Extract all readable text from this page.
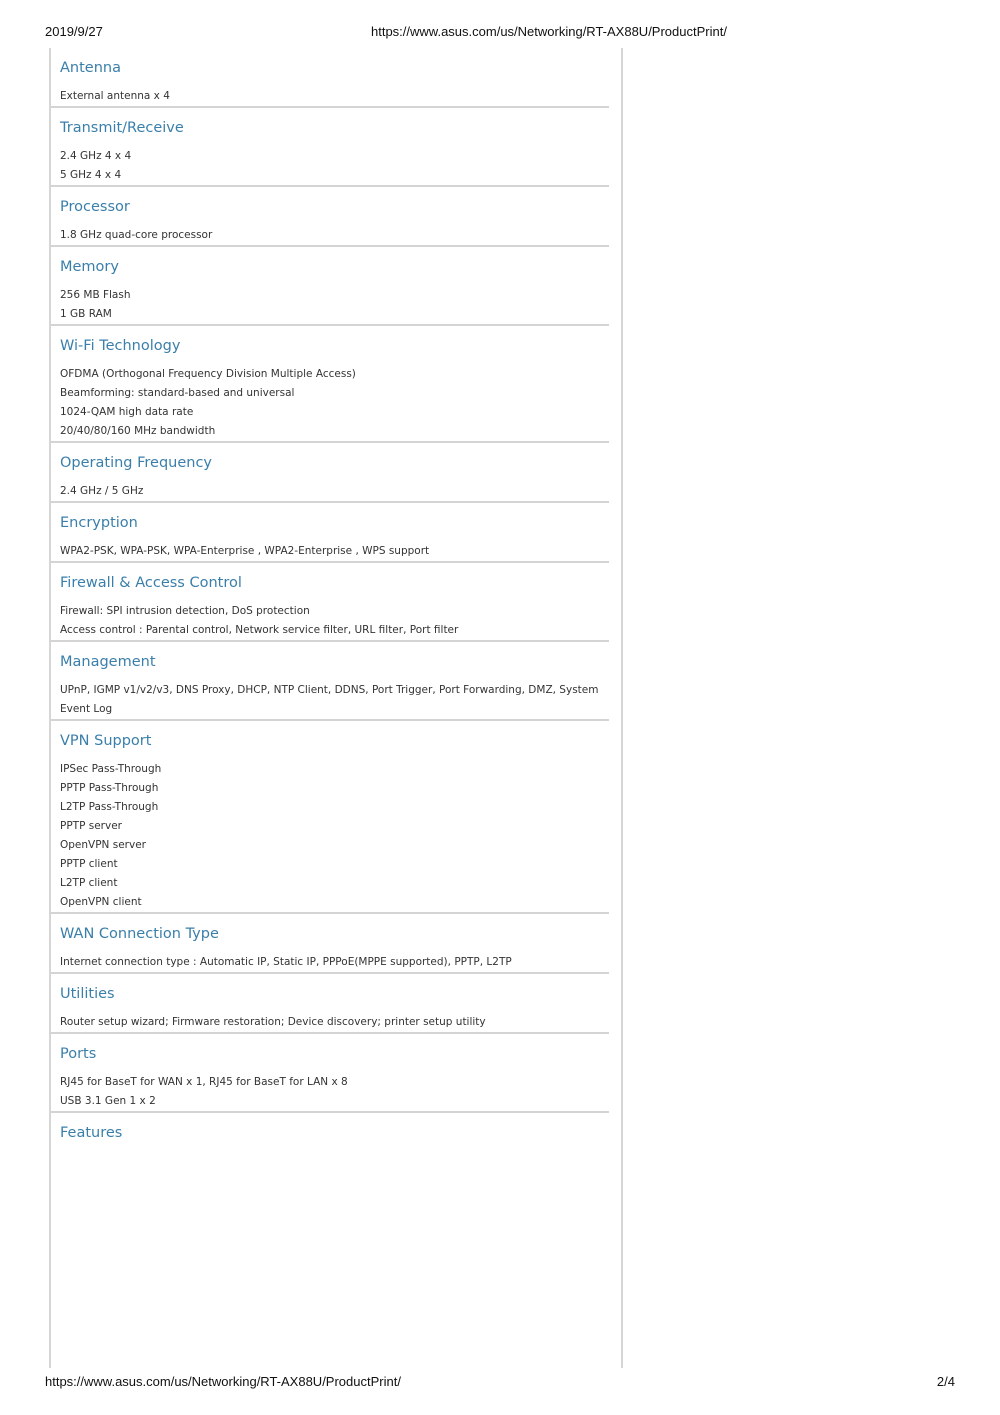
2019/9/27	https://www.asus.com/us/Networking/RT-AX88U/ProductPrint/
Antenna
External antenna x 4
Transmit/Receive
2.4 GHz 4 x 4
5 GHz 4 x 4
Processor
1.8 GHz quad-core processor
Memory
256 MB Flash
1 GB RAM
Wi-Fi Technology
OFDMA (Orthogonal Frequency Division Multiple Access)
Beamforming: standard-based and universal
1024-QAM high data rate
20/40/80/160 MHz bandwidth
Operating Frequency
2.4 GHz / 5 GHz
Encryption
WPA2-PSK, WPA-PSK, WPA-Enterprise , WPA2-Enterprise , WPS support
Firewall & Access Control
Firewall: SPI intrusion detection, DoS protection
Access control : Parental control, Network service filter, URL filter, Port filter
Management
UPnP, IGMP v1/v2/v3, DNS Proxy, DHCP, NTP Client, DDNS, Port Trigger, Port Forwarding, DMZ, System
Event Log
VPN Support
IPSec Pass-Through
PPTP Pass-Through
L2TP Pass-Through
PPTP server
OpenVPN server
PPTP client
L2TP client
OpenVPN client
WAN Connection Type
Internet connection type : Automatic IP, Static IP, PPPoE(MPPE supported), PPTP, L2TP
Utilities
Router setup wizard; Firmware restoration; Device discovery; printer setup utility
Ports
RJ45 for BaseT for WAN x 1, RJ45 for BaseT for LAN x 8
USB 3.1 Gen 1 x 2
Features
https://www.asus.com/us/Networking/RT-AX88U/ProductPrint/	2/4
